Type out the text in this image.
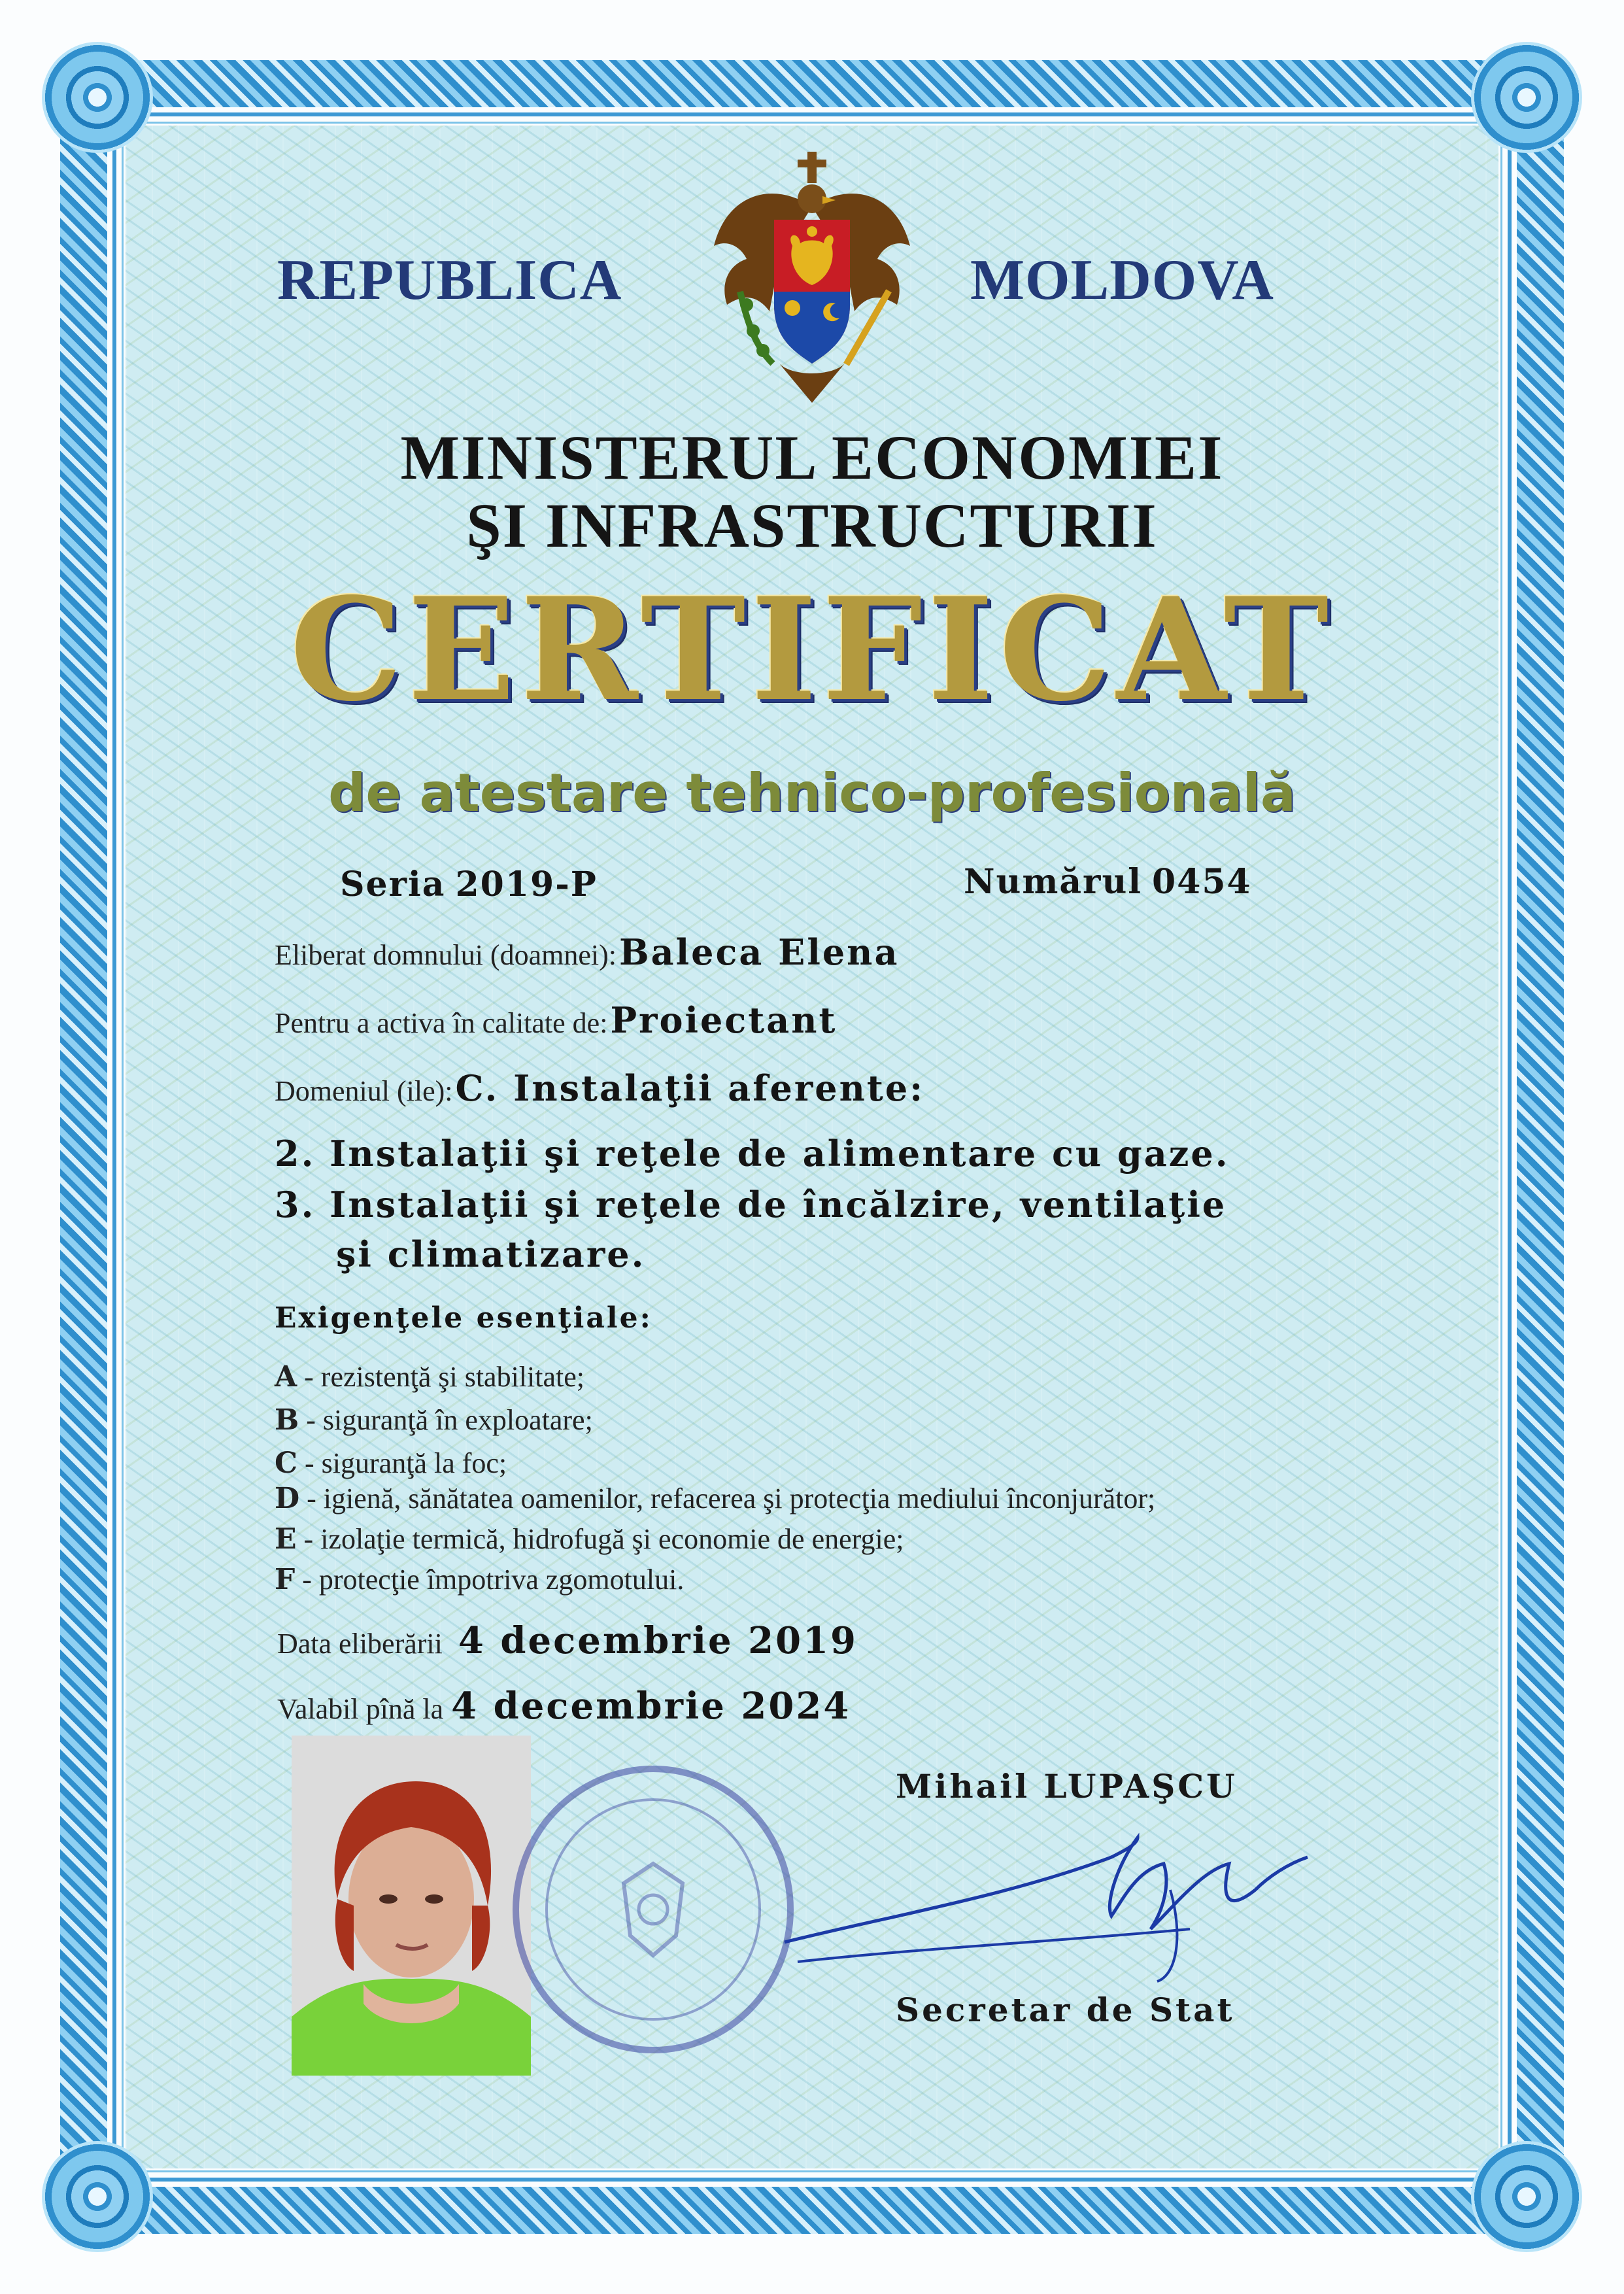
REPUBLICA	MOLDOVA
MINISTERUL ECONOMIEI
ŞI INFRASTRUCTURII
CERTIFICAT
de atestare tehnico-profesională
Seria 2019-P	Numărul 0454
Eliberat domnului (doamnei): Baleca Elena
Pentru a activa în calitate de: Proiectant
Domeniul (ile): C. Instalaţii aferente:
2. Instalaţii şi reţele de alimentare cu gaze.
3. Instalaţii şi reţele de încălzire, ventilaţie
şi climatizare.
Exigenţele esenţiale:
A - rezistenţă şi stabilitate;
B - siguranţă în exploatare;
C - siguranţă la foc;
D - igienă, sănătatea oamenilor, refacerea şi protecţia mediului înconjurător;
E - izolaţie termică, hidrofugă şi economie de energie;
F - protecţie împotriva zgomotului.
Data eliberării 4 decembrie 2019
Valabil pînă la 4 decembrie 2024
Mihail LUPAŞCU
Secretar de Stat
